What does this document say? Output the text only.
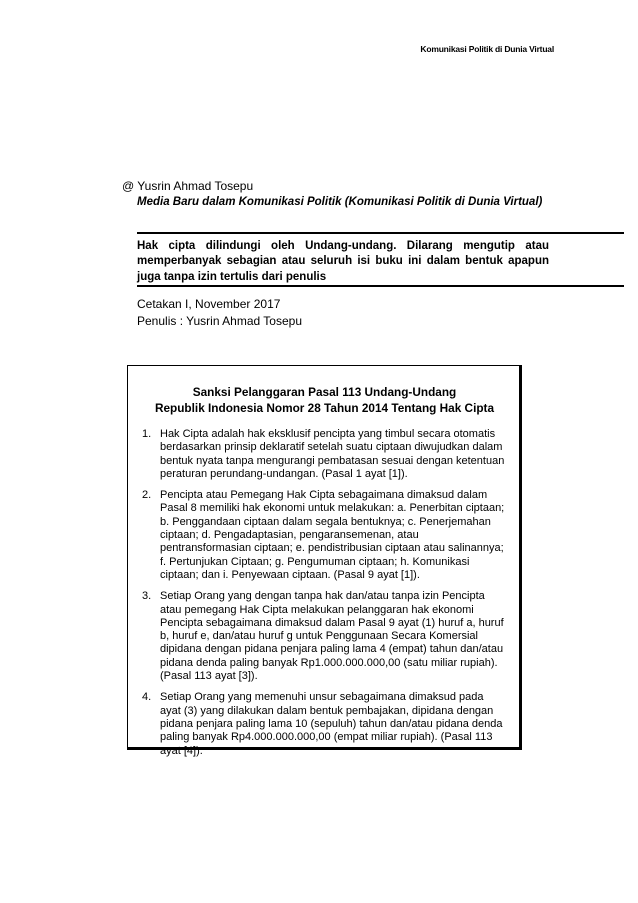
Komunikasi Politik di Dunia Virtual
@ Yusrin Ahmad Tosepu
Media Baru dalam Komunikasi Politik (Komunikasi Politik di Dunia Virtual)
Hak cipta dilindungi oleh Undang-undang. Dilarang mengutip atau memperbanyak sebagian atau seluruh isi buku ini dalam bentuk apapun juga tanpa izin tertulis dari penulis
Cetakan I, November 2017
Penulis : Yusrin Ahmad Tosepu
Sanksi Pelanggaran Pasal 113 Undang-Undang
Republik Indonesia Nomor 28 Tahun 2014 Tentang Hak Cipta
1. Hak Cipta adalah hak eksklusif pencipta yang timbul secara otomatis berdasarkan prinsip deklaratif setelah suatu ciptaan diwujudkan dalam bentuk nyata tanpa mengurangi pembatasan sesuai dengan ketentuan peraturan perundang-undangan. (Pasal 1 ayat [1]).
2. Pencipta atau Pemegang Hak Cipta sebagaimana dimaksud dalam Pasal 8 memiliki hak ekonomi untuk melakukan: a. Penerbitan ciptaan; b. Penggandaan ciptaan dalam segala bentuknya; c. Penerjemahan ciptaan; d. Pengadaptasian, pengaransemenan, atau pentransformasian ciptaan; e. pendistribusian ciptaan atau salinannya; f. Pertunjukan Ciptaan; g. Pengumuman ciptaan; h. Komunikasi ciptaan; dan i. Penyewaan ciptaan. (Pasal 9 ayat [1]).
3. Setiap Orang yang dengan tanpa hak dan/atau tanpa izin Pencipta atau pemegang Hak Cipta melakukan pelanggaran hak ekonomi Pencipta sebagaimana dimaksud dalam Pasal 9 ayat (1) huruf a, huruf b, huruf e, dan/atau huruf g untuk Penggunaan Secara Komersial dipidana dengan pidana penjara paling lama 4 (empat) tahun dan/atau pidana denda paling banyak Rp1.000.000.000,00 (satu miliar rupiah). (Pasal 113 ayat [3]).
4. Setiap Orang yang memenuhi unsur sebagaimana dimaksud pada ayat (3) yang dilakukan dalam bentuk pembajakan, dipidana dengan pidana penjara paling lama 10 (sepuluh) tahun dan/atau pidana denda paling banyak Rp4.000.000.000,00 (empat miliar rupiah). (Pasal 113 ayat [4]).
